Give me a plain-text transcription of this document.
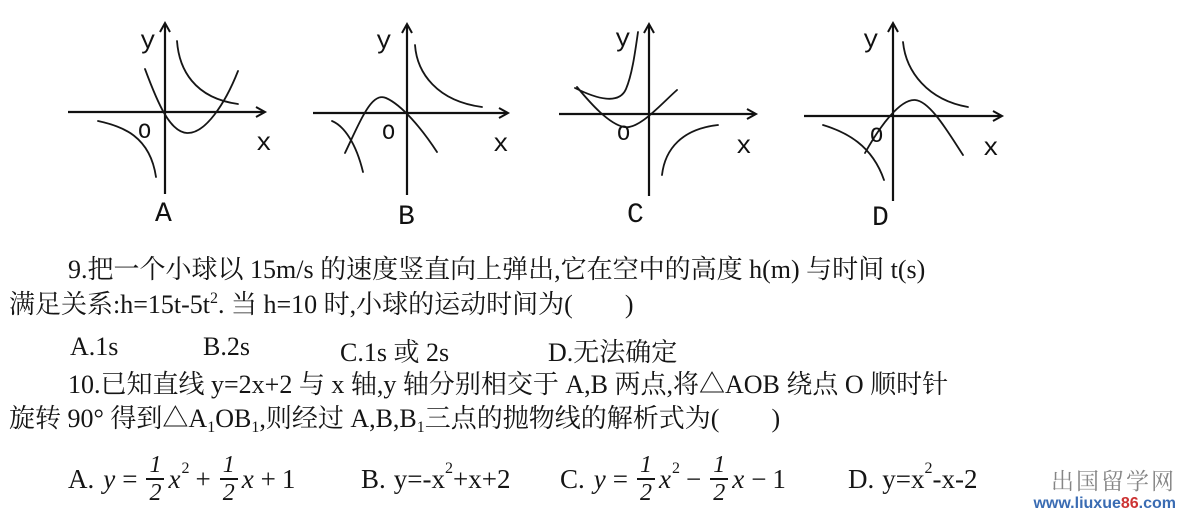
y
x
O
A
y
x
O
B
y
x
O
C
y
x
O
D
9.把一个小球以 15m/s 的速度竖直向上弹出,它在空中的高度 h(m) 与时间 t(s)
满足关系$:h=15t-5t^2$. 当 h=10 时,小球的运动时间为(        )
A.1s	B.2s	C.1s 或 2s	D.无法确定
10.已知直线 y=2x+2 与 x 轴,y 轴分别相交于 A,B 两点,将△AOB 绕点 O 顺时针
旋转 90° 得到△A1OB1,则经过 A,B,B1三点的抛物线的解析式为(        )
A. $y = \frac{1}{2}$ x $2 + \frac{1}{2}$ x + 1 B. y=-x 2 +x+2 C. $y = \frac{1}{2}$ x $2 - \frac{1}{2}$ x − 1 D. y=x 2 -x-2	出国留学网
www.liuxue86.com
